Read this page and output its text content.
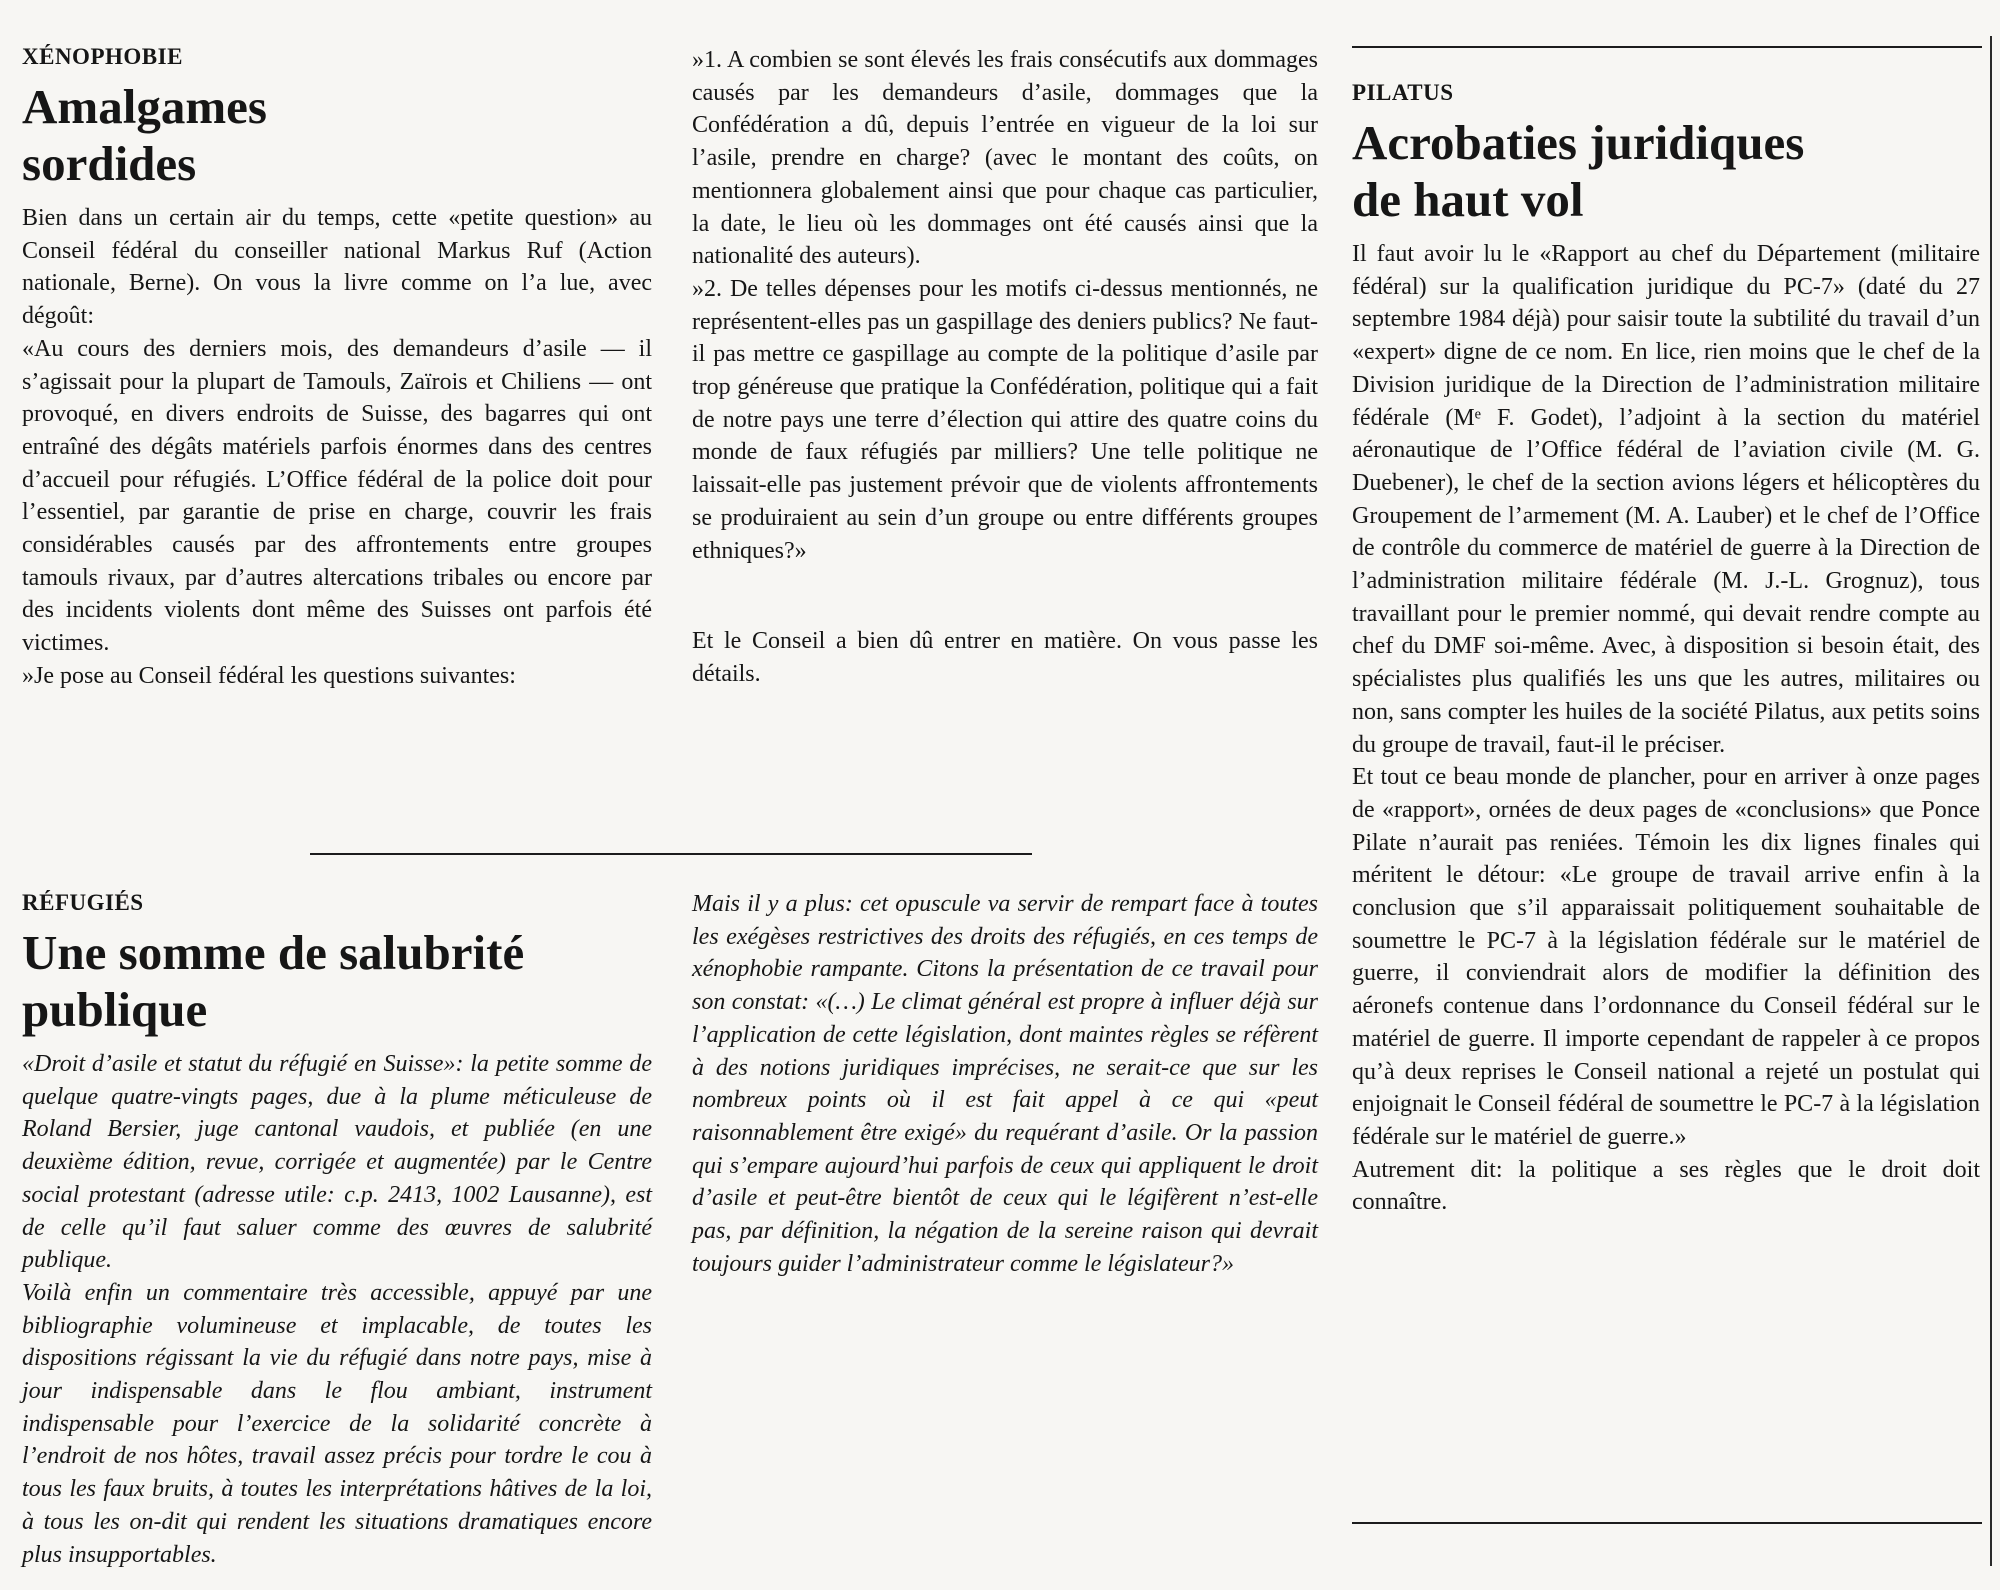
XÉNOPHOBIE

Amalgames
sordides

Bien dans un certain air du temps, cette «petite question» au Conseil fédéral du conseiller national Markus Ruf (Action nationale, Berne). On vous la livre comme on l’a lue, avec dégoût:

«Au cours des derniers mois, des demandeurs d’asile — il s’agissait pour la plupart de Tamouls, Zaïrois et Chiliens — ont provoqué, en divers endroits de Suisse, des bagarres qui ont entraîné des dégâts matériels parfois énormes dans des centres d’accueil pour réfugiés. L’Office fédéral de la police doit pour l’essentiel, par garantie de prise en charge, couvrir les frais considérables causés par des affrontements entre groupes tamouls rivaux, par d’autres altercations tribales ou encore par des incidents violents dont même des Suisses ont parfois été victimes.

»Je pose au Conseil fédéral les questions suivantes:

»1. A combien se sont élevés les frais consécutifs aux dommages causés par les demandeurs d’asile, dommages que la Confédération a dû, depuis l’entrée en vigueur de la loi sur l’asile, prendre en charge? (avec le montant des coûts, on mentionnera globalement ainsi que pour chaque cas particulier, la date, le lieu où les dommages ont été causés ainsi que la nationalité des auteurs).

»2. De telles dépenses pour les motifs ci-dessus mentionnés, ne représentent-elles pas un gaspillage des deniers publics? Ne faut-il pas mettre ce gaspillage au compte de la politique d’asile par trop généreuse que pratique la Confédération, politique qui a fait de notre pays une terre d’élection qui attire des quatre coins du monde de faux réfugiés par milliers? Une telle politique ne laissait-elle pas justement prévoir que de violents affrontements se produiraient au sein d’un groupe ou entre différents groupes ethniques?»

Et le Conseil a bien dû entrer en matière. On vous passe les détails.

RÉFUGIÉS

Une somme de salubrité
publique

«Droit d’asile et statut du réfugié en Suisse»: la petite somme de quelque quatre-vingts pages, due à la plume méticuleuse de Roland Bersier, juge cantonal vaudois, et publiée (en une deuxième édition, revue, corrigée et augmentée) par le Centre social protestant (adresse utile: c.p. 2413, 1002 Lausanne), est de celle qu’il faut saluer comme des œuvres de salubrité publique.

Voilà enfin un commentaire très accessible, appuyé par une bibliographie volumineuse et implacable, de toutes les dispositions régissant la vie du réfugié dans notre pays, mise à jour indispensable dans le flou ambiant, instrument indispensable pour l’exercice de la solidarité concrète à l’endroit de nos hôtes, travail assez précis pour tordre le cou à tous les faux bruits, à toutes les interprétations hâtives de la loi, à tous les on-dit qui rendent les situations dramatiques encore plus insupportables.

Mais il y a plus: cet opuscule va servir de rempart face à toutes les exégèses restrictives des droits des réfugiés, en ces temps de xénophobie rampante. Citons la présentation de ce travail pour son constat: «(…) Le climat général est propre à influer déjà sur l’application de cette législation, dont maintes règles se réfèrent à des notions juridiques imprécises, ne serait-ce que sur les nombreux points où il est fait appel à ce qui «peut raisonnablement être exigé» du requérant d’asile. Or la passion qui s’empare aujourd’hui parfois de ceux qui appliquent le droit d’asile et peut-être bientôt de ceux qui le légifèrent n’est-elle pas, par définition, la négation de la sereine raison qui devrait toujours guider l’administrateur comme le législateur?»

PILATUS

Acrobaties juridiques
de haut vol

Il faut avoir lu le «Rapport au chef du Département (militaire fédéral) sur la qualification juridique du PC-7» (daté du 27 septembre 1984 déjà) pour saisir toute la subtilité du travail d’un «expert» digne de ce nom. En lice, rien moins que le chef de la Division juridique de la Direction de l’administration militaire fédérale (Mᵉ F. Godet), l’adjoint à la section du matériel aéronautique de l’Office fédéral de l’aviation civile (M. G. Duebener), le chef de la section avions légers et hélicoptères du Groupement de l’armement (M. A. Lauber) et le chef de l’Office de contrôle du commerce de matériel de guerre à la Direction de l’administration militaire fédérale (M. J.-L. Grognuz), tous travaillant pour le premier nommé, qui devait rendre compte au chef du DMF soi-même. Avec, à disposition si besoin était, des spécialistes plus qualifiés les uns que les autres, militaires ou non, sans compter les huiles de la société Pilatus, aux petits soins du groupe de travail, faut-il le préciser.

Et tout ce beau monde de plancher, pour en arriver à onze pages de «rapport», ornées de deux pages de «conclusions» que Ponce Pilate n’aurait pas reniées. Témoin les dix lignes finales qui méritent le détour: «Le groupe de travail arrive enfin à la conclusion que s’il apparaissait politiquement souhaitable de soumettre le PC-7 à la législation fédérale sur le matériel de guerre, il conviendrait alors de modifier la définition des aéronefs contenue dans l’ordonnance du Conseil fédéral sur le matériel de guerre. Il importe cependant de rappeler à ce propos qu’à deux reprises le Conseil national a rejeté un postulat qui enjoignait le Conseil fédéral de soumettre le PC-7 à la législation fédérale sur le matériel de guerre.»

Autrement dit: la politique a ses règles que le droit doit connaître.
